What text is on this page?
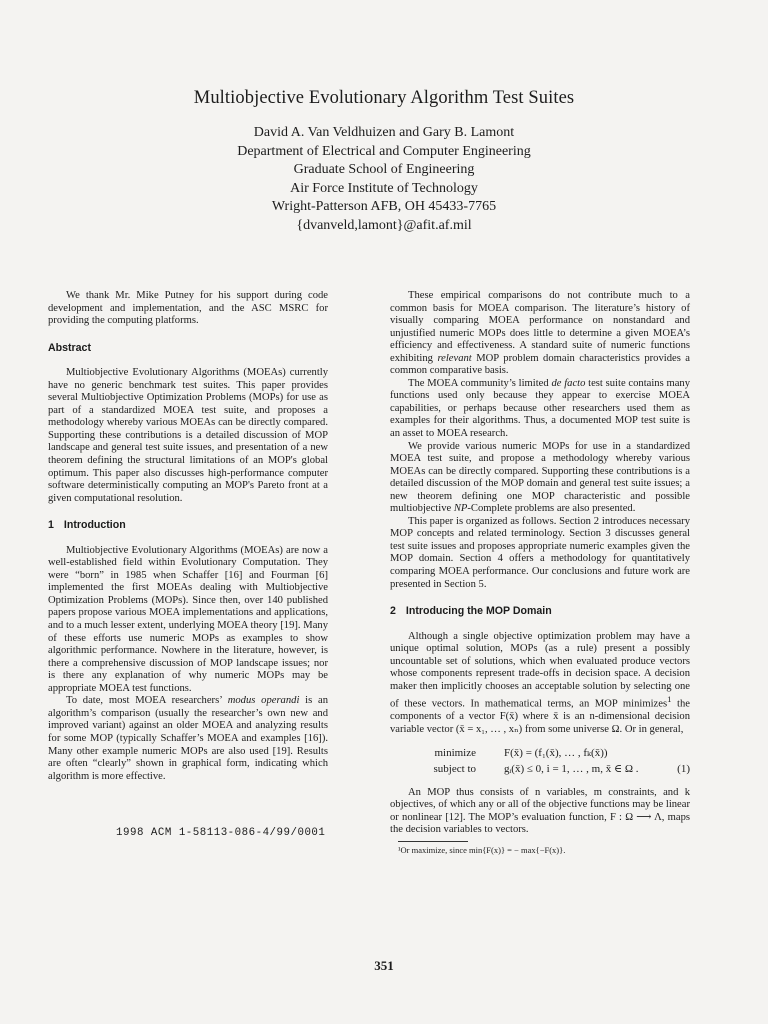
Multiobjective Evolutionary Algorithm Test Suites
David A. Van Veldhuizen and Gary B. Lamont
Department of Electrical and Computer Engineering
Graduate School of Engineering
Air Force Institute of Technology
Wright-Patterson AFB, OH 45433-7765
{dvanveld,lamont}@afit.af.mil

We thank Mr. Mike Putney for his support during code development and implementation, and the ASC MSRC for providing the computing platforms.

Abstract

Multiobjective Evolutionary Algorithms (MOEAs) currently have no generic benchmark test suites. This paper provides several Multiobjective Optimization Problems (MOPs) for use as part of a standardized MOEA test suite, and proposes a methodology whereby various MOEAs can be directly compared. Supporting these contributions is a detailed discussion of MOP landscape and general test suite issues, and presentation of a new theorem defining the structural limitations of an MOP's global optimum. This paper also discusses high-performance computer software deterministically computing an MOP's Pareto front at a given computational resolution.

1 Introduction

Multiobjective Evolutionary Algorithms (MOEAs) are now a well-established field within Evolutionary Computation. They were “born” in 1985 when Schaffer [16] and Fourman [6] implemented the first MOEAs dealing with Multiobjective Optimization Problems (MOPs). Since then, over 140 published papers propose various MOEA implementations and applications, and to a much lesser extent, underlying MOEA theory [19]. Many of these efforts use numeric MOPs as examples to show algorithmic performance. Nowhere in the literature, however, is there a comprehensive discussion of MOP landscape issues; nor is there any explanation of why numeric MOPs may be appropriate MOEA test functions.

To date, most MOEA researchers’ modus operandi is an algorithm’s comparison (usually the researcher’s own new and improved variant) against an older MOEA and analyzing results for some MOP (typically Schaffer’s MOEA and examples [16]). Many other example numeric MOPs are also used [19]. Results are often “clearly” shown in graphical form, indicating which algorithm is more effective.

1998 ACM 1-58113-086-4/99/0001

These empirical comparisons do not contribute much to a common basis for MOEA comparison. The literature’s history of visually comparing MOEA performance on nonstandard and unjustified numeric MOPs does little to determine a given MOEA’s efficiency and effectiveness. A standard suite of numeric functions exhibiting relevant MOP problem domain characteristics provides a common comparative basis.

The MOEA community’s limited de facto test suite contains many functions used only because they appear to exercise MOEA capabilities, or perhaps because other researchers used them as examples for their algorithms. Thus, a documented MOP test suite is an asset to MOEA research.

We provide various numeric MOPs for use in a standardized MOEA test suite, and propose a methodology whereby various MOEAs can be directly compared. Supporting these contributions is a detailed discussion of the MOP domain and general test suite issues; a new theorem defining one MOP characteristic and possible multiobjective NP-Complete problems are also presented.

This paper is organized as follows. Section 2 introduces necessary MOP concepts and related terminology. Section 3 discusses general test suite issues and proposes appropriate numeric examples given the MOP domain. Section 4 offers a methodology for quantitatively comparing MOEA performance. Our conclusions and future work are presented in Section 5.

2 Introducing the MOP Domain

Although a single objective optimization problem may have a unique optimal solution, MOPs (as a rule) present a possibly uncountable set of solutions, which when evaluated produce vectors whose components represent trade-offs in decision space. A decision maker then implicitly chooses an acceptable solution by selecting one of these vectors. In mathematical terms, an MOP minimizes$^1$ the components of a vector F(x̄) where x̄ is an n-dimensional decision variable vector (x̄ = x₁, … , xₙ) from some universe Ω. Or in general,

minimize	F(x̄) = (f₁(x̄), … , fₖ(x̄))
subject to	gᵢ(x̄) ≤ 0, i = 1, … , m, x̄ ∈ Ω .	(1)

An MOP thus consists of n variables, m constraints, and k objectives, of which any or all of the objective functions may be linear or nonlinear [12]. The MOP’s evaluation function, F : Ω ⟶ Λ, maps the decision variables to vectors.

¹Or maximize, since min{F(x)} = − max{−F(x)}.

351
